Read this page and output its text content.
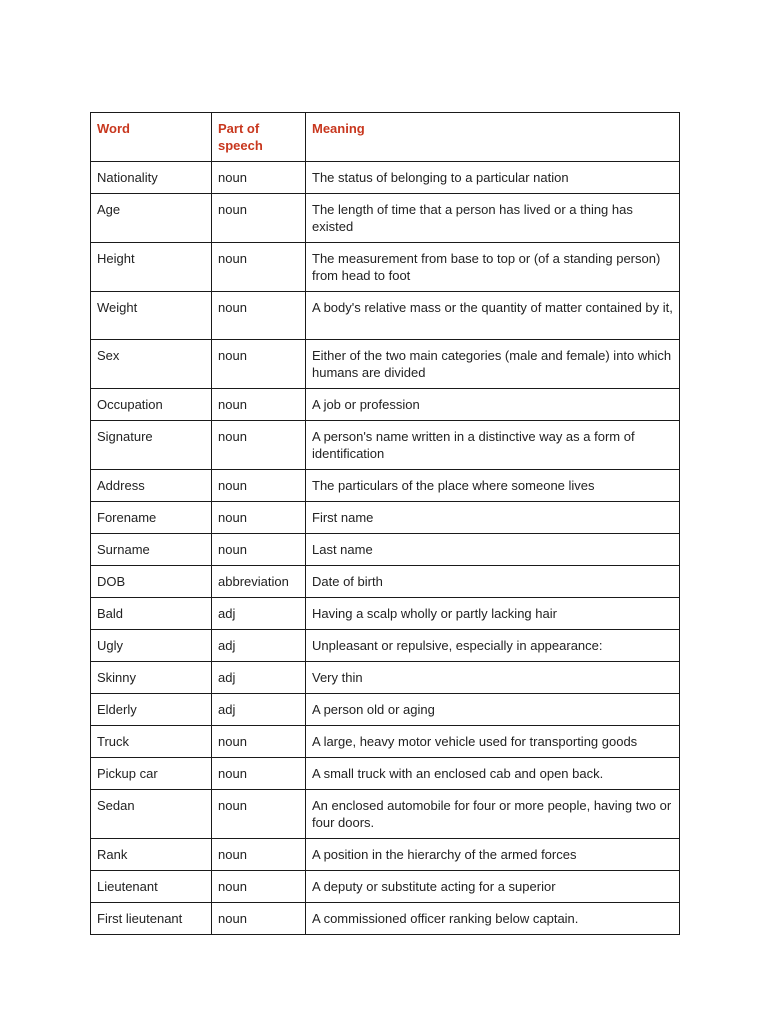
Word	Part of speech	Meaning
Nationality	noun	The status of belonging to a particular nation
Age	noun	The length of time that a person has lived or a thing has existed
Height	noun	The measurement from base to top or (of a standing person) from head to foot
Weight	noun	A body's relative mass or the quantity of matter contained by it,
Sex	noun	Either of the two main categories (male and female) into which humans are divided
Occupation	noun	A job or profession
Signature	noun	A person's name written in a distinctive way as a form of identification
Address	noun	The particulars of the place where someone lives
Forename	noun	First name
Surname	noun	Last name
DOB	abbreviation	Date of birth
Bald	adj	Having a scalp wholly or partly lacking hair
Ugly	adj	Unpleasant or repulsive, especially in appearance:
Skinny	adj	Very thin
Elderly	adj	A person old or aging
Truck	noun	A large, heavy motor vehicle used for transporting goods
Pickup car	noun	A small truck with an enclosed cab and open back.
Sedan	noun	An enclosed automobile for four or more people, having two or four doors.
Rank	noun	A position in the hierarchy of the armed forces
Lieutenant	noun	A deputy or substitute acting for a superior
First lieutenant	noun	A commissioned officer ranking below captain.
